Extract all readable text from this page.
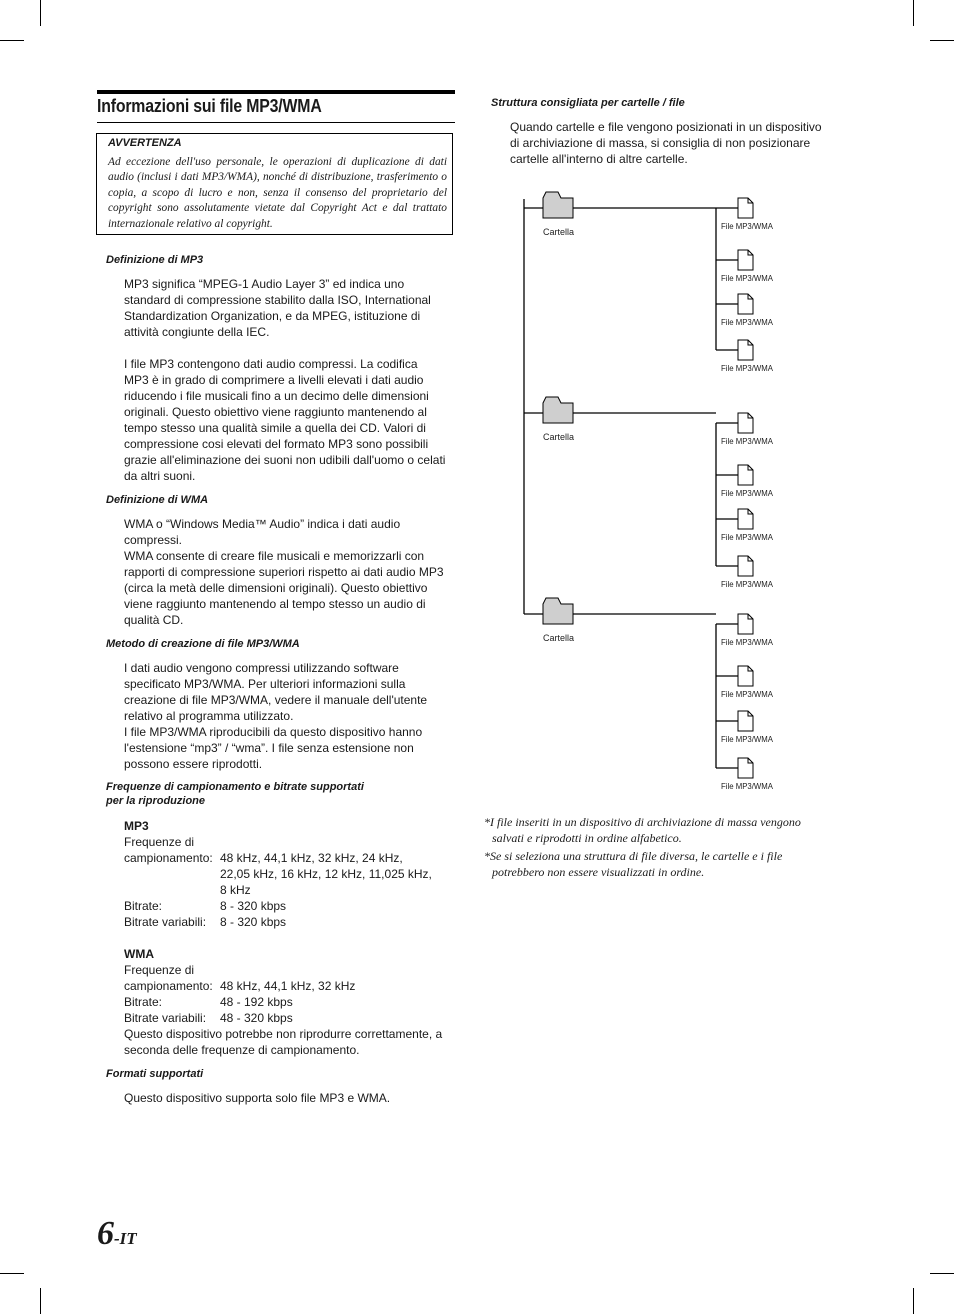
Informazioni sui file MP3/WMA
AVVERTENZA
Ad eccezione dell'uso personale, le operazioni di duplicazione di dati audio (inclusi i dati MP3/WMA), nonché di distribuzione, trasferimento o copia, a scopo di lucro e non, senza il consenso del proprietario del copyright sono assolutamente vietate dal Copyright Act e dal trattato internazionale relativo al copyright.
Definizione di MP3
MP3 significa “MPEG-1 Audio Layer 3” ed indica uno
standard di compressione stabilito dalla ISO, International
Standardization Organization, e da MPEG, istituzione di
attività congiunte della IEC.
I file MP3 contengono dati audio compressi. La codifica
MP3 è in grado di comprimere a livelli elevati i dati audio
riducendo i file musicali fino a un decimo delle dimensioni
originali. Questo obiettivo viene raggiunto mantenendo al
tempo stesso una qualità simile a quella dei CD. Valori di
compressione cosi elevati del formato MP3 sono possibili
grazie all'eliminazione dei suoni non udibili dall'uomo o celati
da altri suoni.
Definizione di WMA
WMA o “Windows Media™ Audio” indica i dati audio
compressi.
WMA consente di creare file musicali e memorizzarli con
rapporti di compressione superiori rispetto ai dati audio MP3
(circa la metà delle dimensioni originali). Questo obiettivo
viene raggiunto mantenendo al tempo stesso un audio di
qualità CD.
Metodo di creazione di file MP3/WMA
I dati audio vengono compressi utilizzando software
specificato MP3/WMA. Per ulteriori informazioni sulla
creazione di file MP3/WMA, vedere il manuale dell'utente
relativo al programma utilizzato.
I file MP3/WMA riproducibili da questo dispositivo hanno
l'estensione “mp3” / “wma”. I file senza estensione non
possono essere riprodotti.
Frequenze di campionamento e bitrate supportati
per la riproduzione
MP3
Frequenze di
campionamento: 48 kHz, 44,1 kHz, 32 kHz, 24 kHz,
22,05 kHz, 16 kHz, 12 kHz, 11,025 kHz,
8 kHz
Bitrate:	8 - 320 kbps
Bitrate variabili:	8 - 320 kbps
WMA
Frequenze di
campionamento: 48 kHz, 44,1 kHz, 32 kHz
Bitrate:	48 - 192 kbps
Bitrate variabili:	48 - 320 kbps
Questo dispositivo potrebbe non riprodurre correttamente, a
seconda delle frequenze di campionamento.
Formati supportati
Questo dispositivo supporta solo file MP3 e WMA.
Struttura consigliata per cartelle / file
Quando cartelle e file vengono posizionati in un dispositivo
di archiviazione di massa, si consiglia di non posizionare
cartelle all'interno di altre cartelle.
Cartella
File MP3/WMA
File MP3/WMA
File MP3/WMA
File MP3/WMA
Cartella	File MP3/WMA
File MP3/WMA
File MP3/WMA
File MP3/WMA
Cartella	File MP3/WMA
File MP3/WMA
File MP3/WMA
File MP3/WMA
*I file inseriti in un dispositivo di archiviazione di massa vengono
salvati e riprodotti in ordine alfabetico.
*Se si seleziona una struttura di file diversa, le cartelle e i file
potrebbero non essere visualizzati in ordine.
6-IT
